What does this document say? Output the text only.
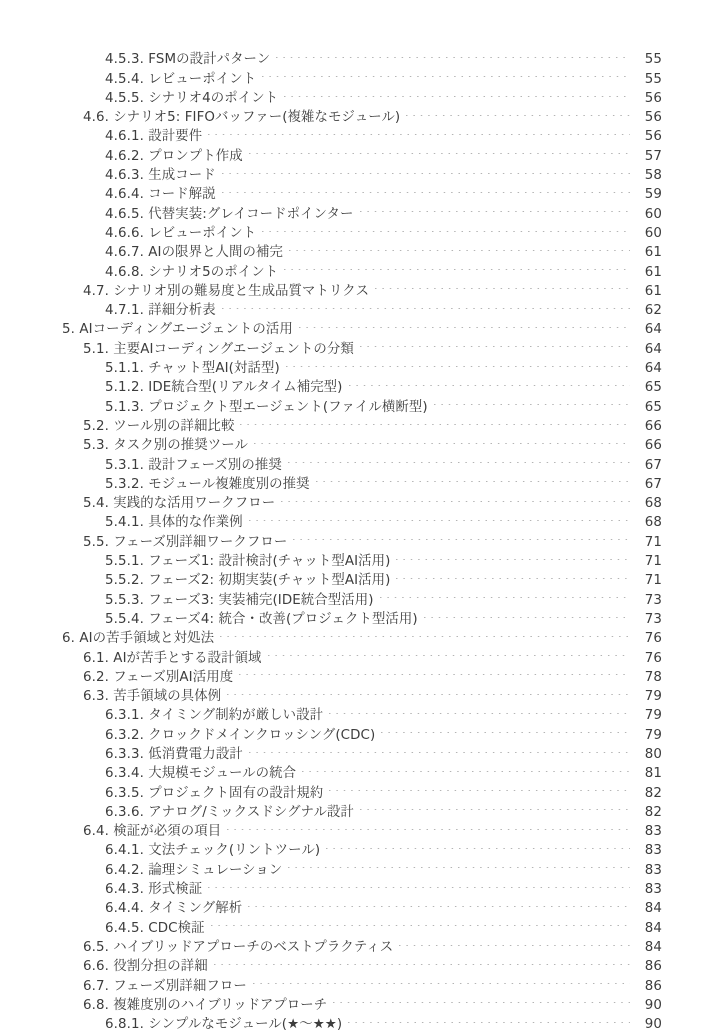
4.5.3. FSMの設計パターン	55
4.5.4. レビューポイント	55
4.5.5. シナリオ4のポイント	56
4.6. シナリオ5: FIFOバッファー(複雑なモジュール)	56
4.6.1. 設計要件	56
4.6.2. プロンプト作成	57
4.6.3. 生成コード	58
4.6.4. コード解説	59
4.6.5. 代替実装:グレイコードポインター	60
4.6.6. レビューポイント	60
4.6.7. AIの限界と人間の補完	61
4.6.8. シナリオ5のポイント	61
4.7. シナリオ別の難易度と生成品質マトリクス	61
4.7.1. 詳細分析表	62
5. AIコーディングエージェントの活用	64
5.1. 主要AIコーディングエージェントの分類	64
5.1.1. チャット型AI(対話型)	64
5.1.2. IDE統合型(リアルタイム補完型)	65
5.1.3. プロジェクト型エージェント(ファイル横断型)	65
5.2. ツール別の詳細比較	66
5.3. タスク別の推奨ツール	66
5.3.1. 設計フェーズ別の推奨	67
5.3.2. モジュール複雑度別の推奨	67
5.4. 実践的な活用ワークフロー	68
5.4.1. 具体的な作業例	68
5.5. フェーズ別詳細ワークフロー	71
5.5.1. フェーズ1: 設計検討(チャット型AI活用)	71
5.5.2. フェーズ2: 初期実装(チャット型AI活用)	71
5.5.3. フェーズ3: 実装補完(IDE統合型活用)	73
5.5.4. フェーズ4: 統合・改善(プロジェクト型活用)	73
6. AIの苦手領域と対処法	76
6.1. AIが苦手とする設計領域	76
6.2. フェーズ別AI活用度	78
6.3. 苦手領域の具体例	79
6.3.1. タイミング制約が厳しい設計	79
6.3.2. クロックドメインクロッシング(CDC)	79
6.3.3. 低消費電力設計	80
6.3.4. 大規模モジュールの統合	81
6.3.5. プロジェクト固有の設計規約	82
6.3.6. アナログ/ミックスドシグナル設計	82
6.4. 検証が必須の項目	83
6.4.1. 文法チェック(リントツール)	83
6.4.2. 論理シミュレーション	83
6.4.3. 形式検証	83
6.4.4. タイミング解析	84
6.4.5. CDC検証	84
6.5. ハイブリッドアプローチのベストプラクティス	84
6.6. 役割分担の詳細	86
6.7. フェーズ別詳細フロー	86
6.8. 複雑度別のハイブリッドアプローチ	90
6.8.1. シンプルなモジュール(★〜★★)	90
